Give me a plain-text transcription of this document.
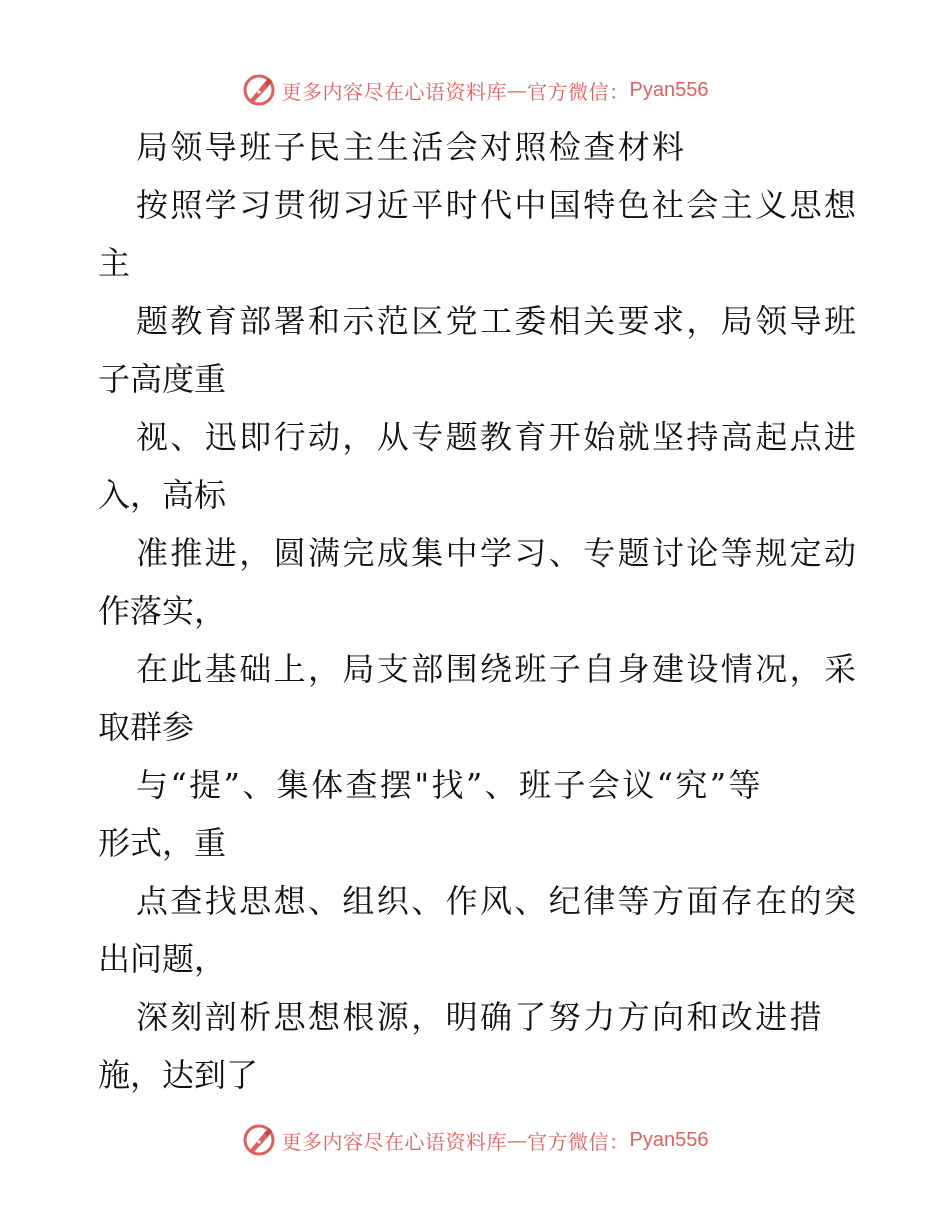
更多内容尽在心语资料库 — 官方微信： Pyan556
局领导班子民主生活会对照检查材料
按照学习贯彻习近平时代中国特色社会主义思想
主
题教育部署和示范区党工委相关要求，局领导班
子高度重
视、迅即行动，从专题教育开始就坚持高起点进
入，高标
准推进，圆满完成集中学习、专题讨论等规定动
作落实，
在此基础上，局支部围绕班子自身建设情况，采
取群参
与“提”、集体查摆"找”、班子会议“究”等
形式，重
点查找思想、组织、作风、纪律等方面存在的突
出问题，
深刻剖析思想根源，明确了努力方向和改进措
施，达到了
更多内容尽在心语资料库 — 官方微信： Pyan556
